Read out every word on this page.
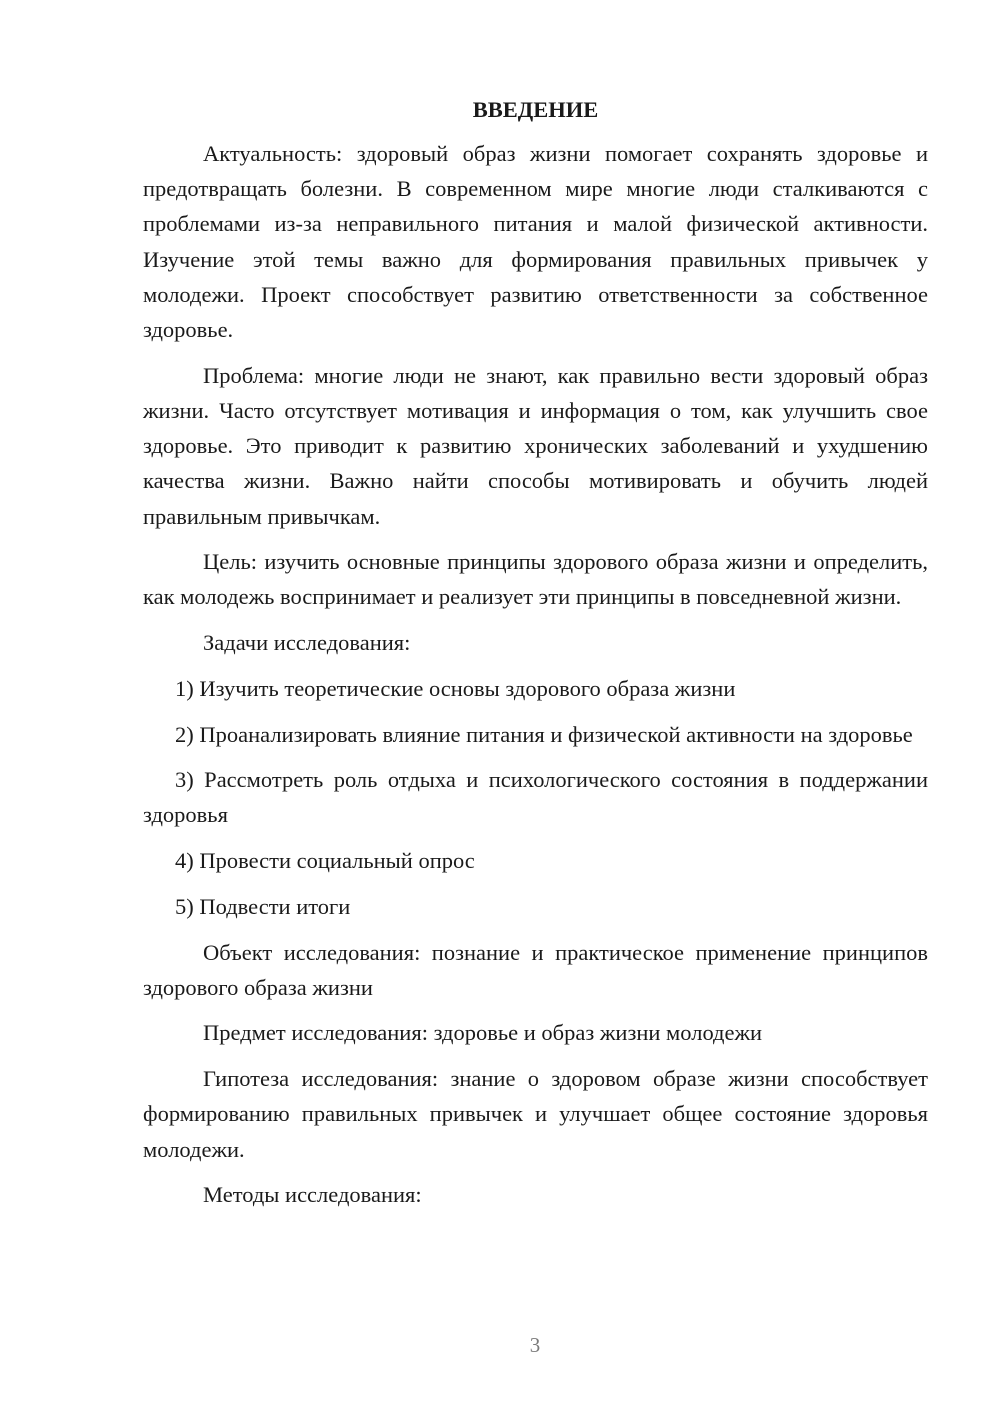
ВВЕДЕНИЕ

Актуальность: здоровый образ жизни помогает сохранять здоровье и предотвращать болезни. В современном мире многие люди сталкиваются с проблемами из-за неправильного питания и малой физической активности. Изучение этой темы важно для формирования правильных привычек у молодежи. Проект способствует развитию ответственности за собственное здоровье.

Проблема: многие люди не знают, как правильно вести здоровый образ жизни. Часто отсутствует мотивация и информация о том, как улучшить свое здоровье. Это приводит к развитию хронических заболеваний и ухудшению качества жизни. Важно найти способы мотивировать и обучить людей правильным привычкам.

Цель: изучить основные принципы здорового образа жизни и определить, как молодежь воспринимает и реализует эти принципы в повседневной жизни.

Задачи исследования:

1) Изучить теоретические основы здорового образа жизни

2) Проанализировать влияние питания и физической активности на здоровье

3) Рассмотреть роль отдыха и психологического состояния в поддержании здоровья

4) Провести социальный опрос

5) Подвести итоги

Объект исследования: познание и практическое применение принципов здорового образа жизни

Предмет исследования: здоровье и образ жизни молодежи

Гипотеза исследования: знание о здоровом образе жизни способствует формированию правильных привычек и улучшает общее состояние здоровья молодежи.

Методы исследования:

3
